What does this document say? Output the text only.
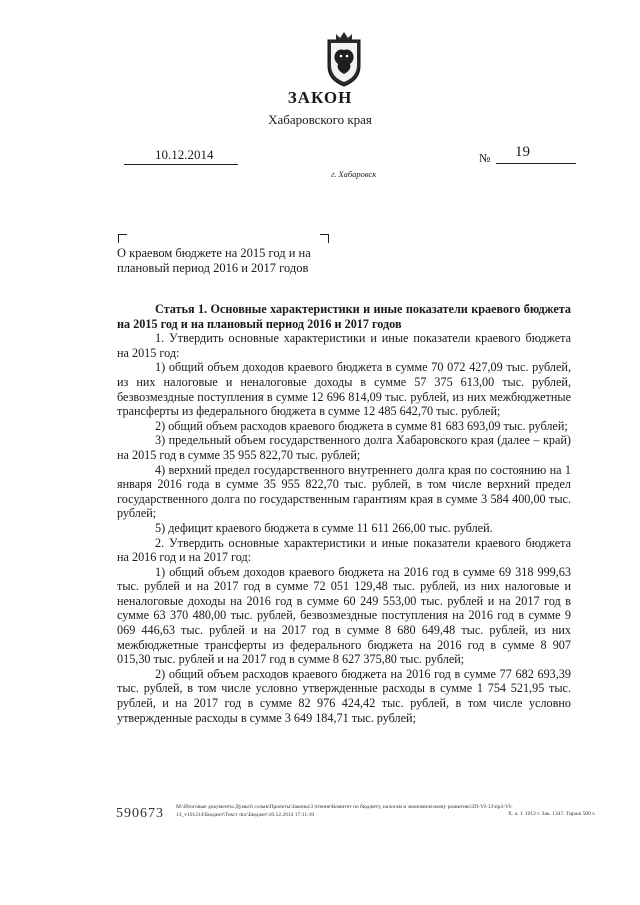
ЗАКОН
Хабаровского края
10.12.2014	№ 19
г. Хабаровск
О краевом бюджете на 2015 год и на плановый период 2016 и 2017 годов

Статья 1. Основные характеристики и иные показатели краевого бюджета на 2015 год и на плановый период 2016 и 2017 годов

1. Утвердить основные характеристики и иные показатели краевого бюджета на 2015 год:

1) общий объем доходов краевого бюджета в сумме 70 072 427,09 тыс. рублей, из них налоговые и неналоговые доходы в сумме 57 375 613,00 тыс. рублей, безвозмездные поступления в сумме 12 696 814,09 тыс. рублей, из них межбюджетные трансферты из федерального бюджета в сумме 12 485 642,70 тыс. рублей;

2) общий объем расходов краевого бюджета в сумме 81 683 693,09 тыс. рублей;

3) предельный объем государственного долга Хабаровского края (далее – край) на 2015 год в сумме 35 955 822,70 тыс. рублей;

4) верхний предел государственного внутреннего долга края по состоянию на 1 января 2016 года в сумме 35 955 822,70 тыс. рублей, в том числе верхний предел государственного долга по государственным гарантиям края в сумме 3 584 400,00 тыс. рублей;

5) дефицит краевого бюджета в сумме 11 611 266,00 тыс. рублей.

2. Утвердить основные характеристики и иные показатели краевого бюджета на 2016 год и на 2017 год:

1) общий объем доходов краевого бюджета на 2016 год в сумме 69 318 999,63 тыс. рублей и на 2017 год в сумме 72 051 129,48 тыс. рублей, из них налоговые и неналоговые доходы на 2016 год в сумме 60 249 553,00 тыс. рублей и на 2017 год в сумме 63 370 480,00 тыс. рублей, безвозмездные поступления на 2016 год в сумме 9 069 446,63 тыс. рублей и на 2017 год в сумме 8 680 649,48 тыс. рублей, из них межбюджетные трансферты из федерального бюджета на 2016 год в сумме 8 907 015,30 тыс. рублей и на 2017 год в сумме 8 627 375,80 тыс. рублей;

2) общий объем расходов краевого бюджета на 2016 год в сумме 77 682 693,39 тыс. рублей, в том числе условно утвержденные расходы в сумме 1 754 521,95 тыс. рублей, и на 2017 год в сумме 82 976 424,42 тыс. рублей, в том числе условно утвержденные расходы в сумме 3 649 184,71 тыс. рублей;

590673 M:\Итоговые документы Думы\6 созыв\Проекты\Законы\3 чтение\Комитет по бюджету, налогам и экономическому развитию\3П-VI-13\пр3-VI-
13_v101214\Бюджет\Текст doc\Бюджет\10.12.2014 17:11:10	Х. к. т. 1012 г. Зак. 1347. Тираж 500 э.
